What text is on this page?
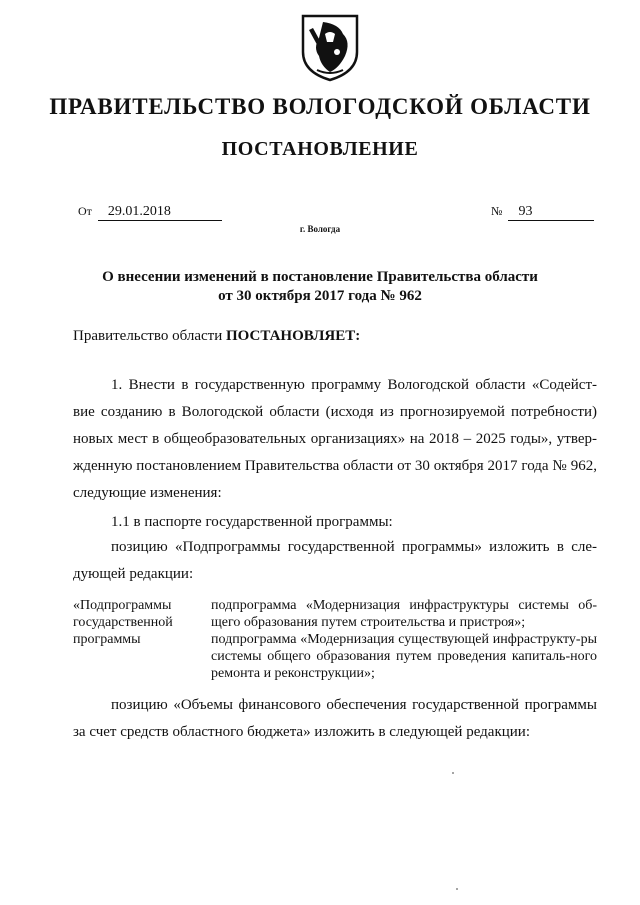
ПРАВИТЕЛЬСТВО ВОЛОГОДСКОЙ ОБЛАСТИ
ПОСТАНОВЛЕНИЕ
От 29.01.2018	№ 93
г. Вологда
О внесении изменений в постановление Правительства области
от 30 октября 2017 года № 962
Правительство области ПОСТАНОВЛЯЕТ:
1. Внести в государственную программу Вологодской области «Содейст-вие созданию в Вологодской области (исходя из прогнозируемой потребности) новых мест в общеобразовательных организациях» на 2018 – 2025 годы», утвер-жденную постановлением Правительства области от 30 октября 2017 года № 962, следующие изменения:
1.1 в паспорте государственной программы:
позицию «Подпрограммы государственной программы» изложить в сле-дующей редакции:
«Подпрограммы
государственной
программы
подпрограмма «Модернизация инфраструктуры системы об-щего образования путем строительства и пристроя»;
подпрограмма «Модернизация существующей инфраструкту-ры системы общего образования путем проведения капиталь-ного ремонта и реконструкции»;
позицию «Объемы финансового обеспечения государственной программы за счет средств областного бюджета» изложить в следующей редакции:
